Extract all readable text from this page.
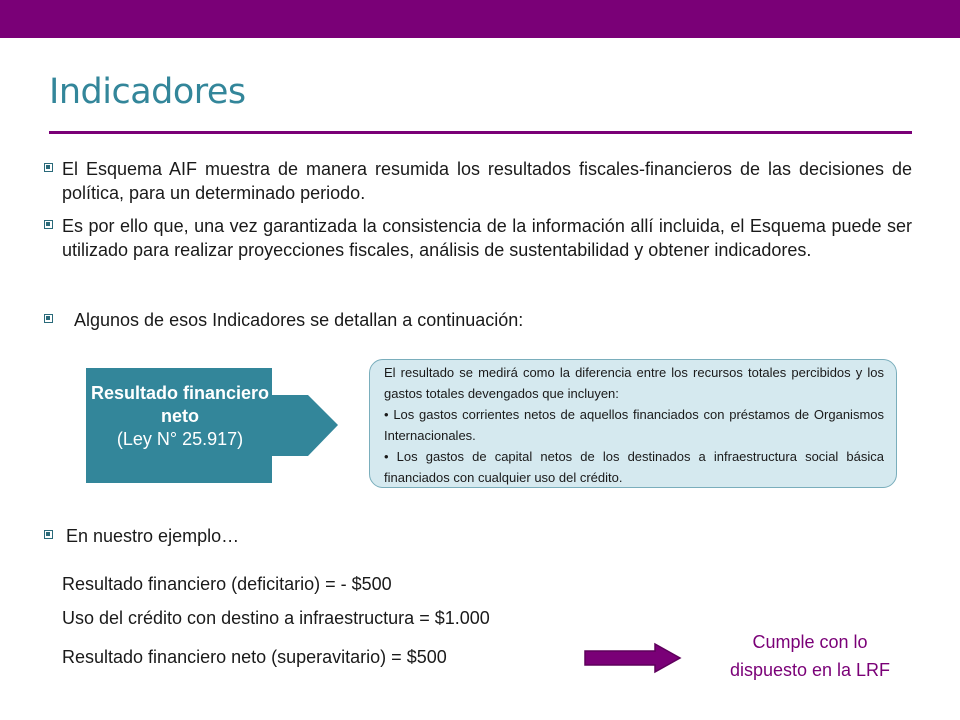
Indicadores
El Esquema AIF muestra de manera resumida los resultados fiscales-financieros de las decisiones de política, para un determinado periodo.
Es por ello que, una vez garantizada la consistencia de la información allí incluida, el Esquema puede ser utilizado para realizar proyecciones fiscales, análisis de sustentabilidad y obtener indicadores.
Algunos de esos Indicadores se detallan a continuación:
Resultado financiero neto
(Ley N° 25.917)

El resultado se medirá como la diferencia entre los recursos totales percibidos y los gastos totales devengados que incluyen:

• Los gastos corrientes netos de aquellos financiados con préstamos de Organismos Internacionales.

• Los gastos de capital netos de los destinados a infraestructura social básica financiados con cualquier uso del crédito.

En nuestro ejemplo…
Resultado financiero (deficitario) = - $500
Uso del crédito con destino a infraestructura = $1.000
Resultado financiero neto (superavitario) = $500
Cumple con lo
dispuesto en la LRF
